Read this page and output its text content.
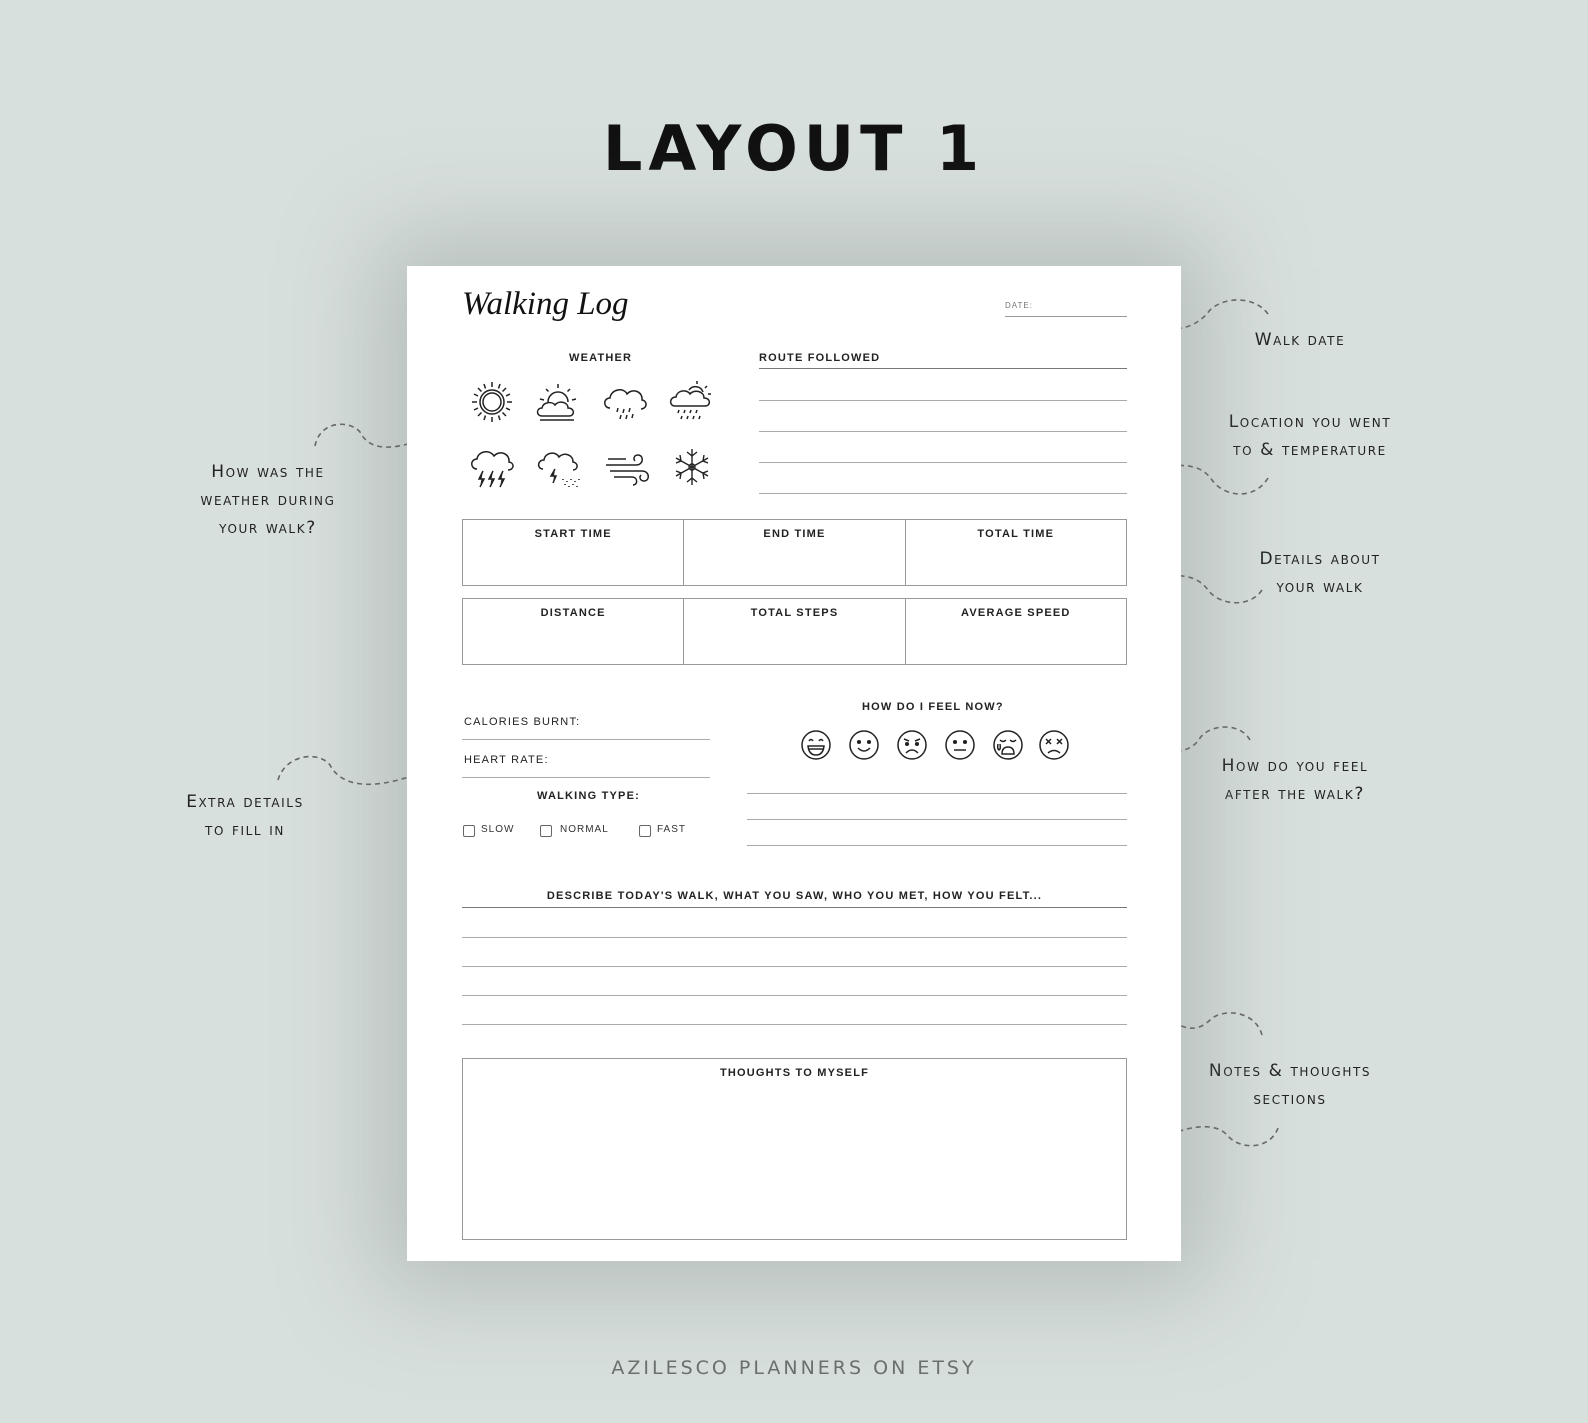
LAYOUT 1
How was the
weather during
your walk?
Extra details
to fill in
Walk date
Location you went
to & temperature
Details about
your walk
How do you feel
after the walk?
Notes & thoughts
sections
Walking Log	DATE:
WEATHER	ROUTE FOLLOWED
START TIME	END TIME	TOTAL TIME
DISTANCE	TOTAL STEPS	AVERAGE SPEED
CALORIES BURNT:
HEART RATE:
WALKING TYPE:
SLOW	NORMAL	FAST
HOW DO I FEEL NOW?
DESCRIBE TODAY'S WALK, WHAT YOU SAW, WHO YOU MET, HOW YOU FELT...
THOUGHTS TO MYSELF
AZILESCO PLANNERS ON ETSY
